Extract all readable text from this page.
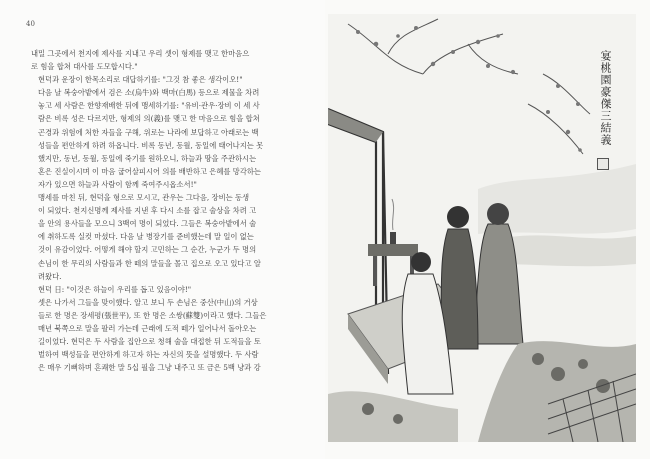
40
내밀 그곳에서 천지에 제사를 지내고 우리 셋이 형제를 맺고 한마음으
로 힘을 합쳐 대사를 도모합시다."
현덕과 운장이 한목소리로 대답하기를: "그것 참 좋은 생각이오!"
다음 날 복숭아밭에서 검은 소(烏牛)와 백마(白馬) 등으로 제물을 차려
놓고 세 사람은 한향재배한 뒤에 맹세하기를: "유비·관우·장비 이 세 사
람은 비록 성은 다르지만, 형제의 의(義)를 맺고 한 마음으로 힘을 합쳐
곤경과 위험에 처한 자들을 구해, 위로는 나라에 보답하고 아래로는 백
성들을 편안하게 하려 하옵니다. 비록 동년, 동월, 동일에 태어나지는 못
했지만, 동년, 동월, 동일에 죽기를 원하오니, 하늘과 땅을 주관하시는
혼은 진실이시며 이 마음 굽어살피시어 의를 배반하고 은혜를 망각하는
자가 있으면 하늘과 사람이 함께 죽여주시옵소서!"
맹세를 마친 뒤, 현덕을 형으로 모시고, 관우는 그다음, 장비는 동생
이 되었다. 천지신명께 제사를 지낸 후 다시 소를 잡고 술상을 차려 고
을 안의 용사들을 모으니 3백여 명이 되었다. 그들은 복숭아밭에서 술
에 취하도록 실컷 마셨다. 다음 날 병장기를 준비했는데 말 일이 없는
것이 유감이었다. 어떻게 해야 할지 고민하는 그 순간, 누군가 두 명의
손님이 한 무리의 사람들과 한 떼의 말들을 몰고 집으로 오고 있다고 알
려왔다.
현덕 日: "이것은 하늘이 우리를 돕고 있음이야!"
셋은 나가서 그들을 맞이했다. 알고 보니 두 손님은 중산(中山)의 거상
들로 한 명은 장세평(張世平), 또 한 명은 소쌍(蘇雙)이라고 했다. 그들은
매년 북쪽으로 말을 팔러 가는데 근래에 도적 떼가 일어나서 돌아오는
길이었다. 현덕은 두 사람을 집안으로 청해 술을 대접한 뒤 도적들을 토
벌하여 백성들을 편안하게 하고자 하는 자신의 뜻을 설명했다. 두 사람
은 매우 기뻐하며 흔쾌한 말 5십 필을 그냥 내주고 또 금은 5백 냥과 강
宴桃園豪傑三結義
